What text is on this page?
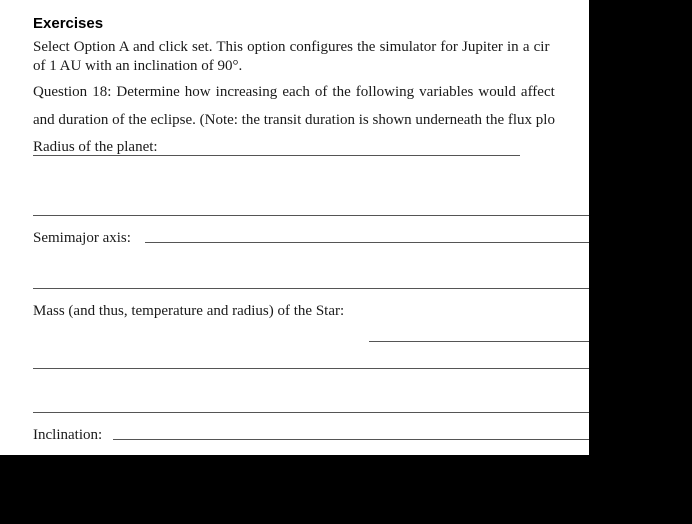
Exercises
Select Option A and click set. This option configures the simulator for Jupiter in a cir
of 1 AU with an inclination of 90°.
Question 18: Determine how increasing each of the following variables would affect
and duration of the eclipse. (Note: the transit duration is shown underneath the flux plo
Radius of the planet:
Semimajor axis:
Mass (and thus, temperature and radius) of the Star:
Inclination:
